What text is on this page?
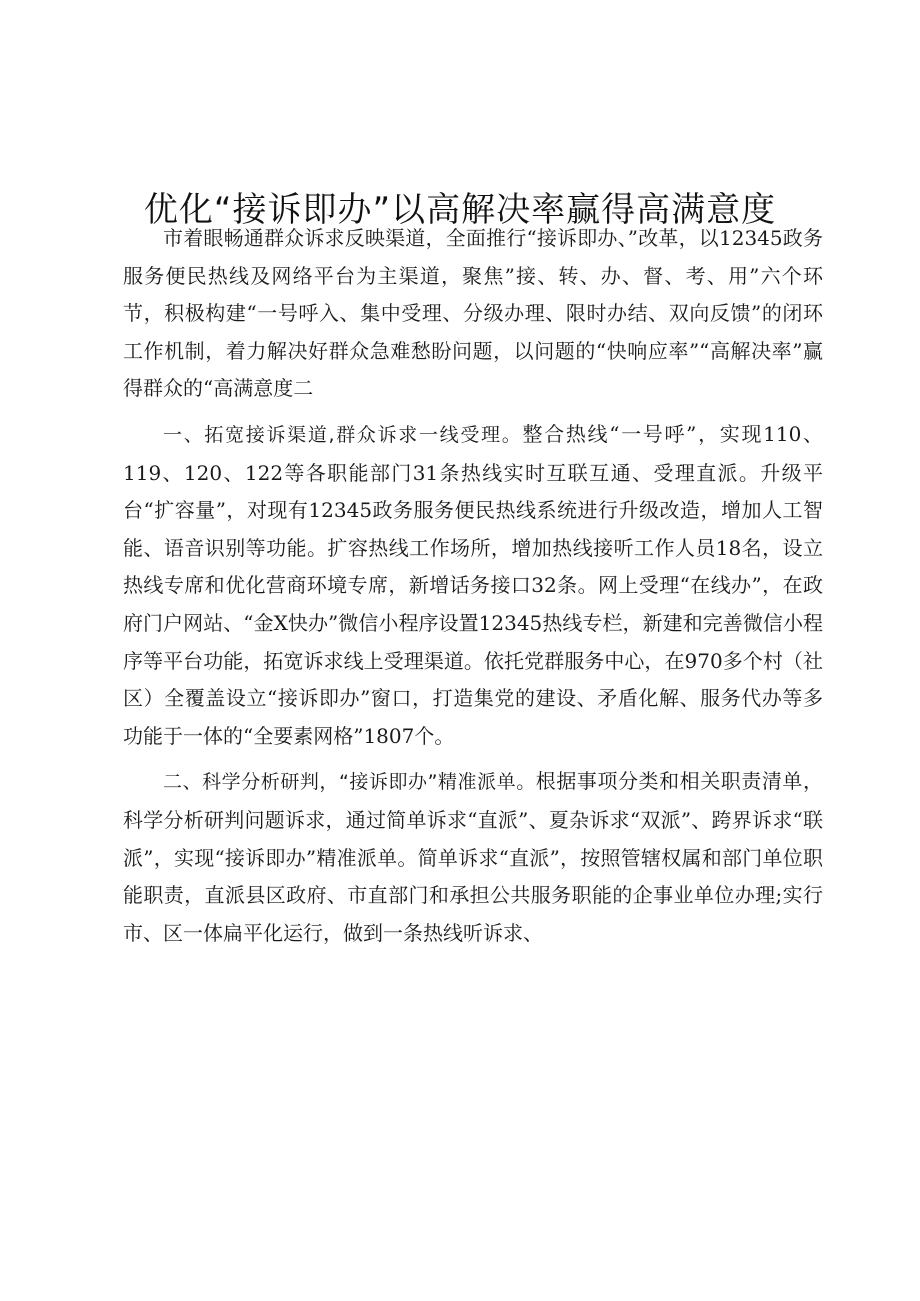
优化“接诉即办”以高解决率赢得高满意度

市着眼畅通群众诉求反映渠道，全面推行“接诉即办、”改革，以12345政务服务便民热线及网络平台为主渠道，聚焦”接、转、办、督、考、用”六个环节，积极构建“一号呼入、集中受理、分级办理、限时办结、双向反馈”的闭环工作机制，着力解决好群众急难愁盼问题，以问题的“快响应率”“高解决率”赢得群众的“高满意度二

一、拓宽接诉渠道,群众诉求一线受理。整合热线“一号呼”，实现110、119、120、122等各职能部门31条热线实时互联互通、受理直派。升级平台“扩容量”，对现有12345政务服务便民热线系统进行升级改造，增加人工智能、语音识别等功能。扩容热线工作场所，增加热线接听工作人员18名，设立热线专席和优化营商环境专席，新增话务接口32条。网上受理“在线办”，在政府门户网站、“金X快办”微信小程序设置12345热线专栏，新建和完善微信小程序等平台功能，拓宽诉求线上受理渠道。依托党群服务中心，在970多个村（社区）全覆盖设立“接诉即办”窗口，打造集党的建设、矛盾化解、服务代办等多功能于一体的“全要素网格”1807个。

二、科学分析研判，“接诉即办”精准派单。根据事项分类和相关职责清单，科学分析研判问题诉求，通过简单诉求“直派”、夏杂诉求“双派”、跨界诉求“联派”，实现“接诉即办”精准派单。简单诉求“直派”，按照管辖权属和部门单位职能职责，直派县区政府、市直部门和承担公共服务职能的企事业单位办理;实行市、区一体扁平化运行，做到一条热线听诉求、
